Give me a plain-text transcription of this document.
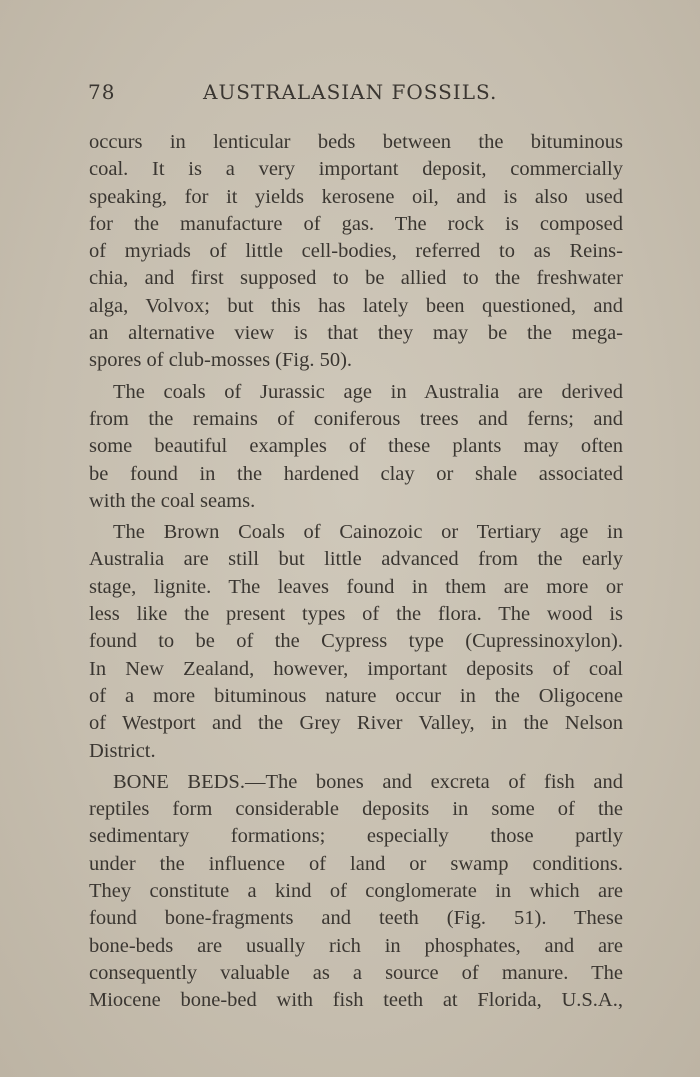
78	AUSTRALASIAN FOSSILS.
occurs in lenticular beds between the bituminous
coal. It is a very important deposit, commercially
speaking, for it yields kerosene oil, and is also used
for the manufacture of gas. The rock is composed
of myriads of little cell-bodies, referred to as Reins-
chia, and first supposed to be allied to the freshwater
alga, Volvox; but this has lately been questioned, and
an alternative view is that they may be the mega-
spores of club-mosses (Fig. 50).
The coals of Jurassic age in Australia are derived
from the remains of coniferous trees and ferns; and
some beautiful examples of these plants may often
be found in the hardened clay or shale associated
with the coal seams.
The Brown Coals of Cainozoic or Tertiary age in
Australia are still but little advanced from the early
stage, lignite. The leaves found in them are more or
less like the present types of the flora. The wood is
found to be of the Cypress type (Cupressinoxylon).
In New Zealand, however, important deposits of coal
of a more bituminous nature occur in the Oligocene
of Westport and the Grey River Valley, in the Nelson
District.
BONE BEDS.—The bones and excreta of fish and
reptiles form considerable deposits in some of the
sedimentary formations; especially those partly
under the influence of land or swamp conditions.
They constitute a kind of conglomerate in which are
found bone-fragments and teeth (Fig. 51). These
bone-beds are usually rich in phosphates, and are
consequently valuable as a source of manure. The
Miocene bone-bed with fish teeth at Florida, U.S.A.,
